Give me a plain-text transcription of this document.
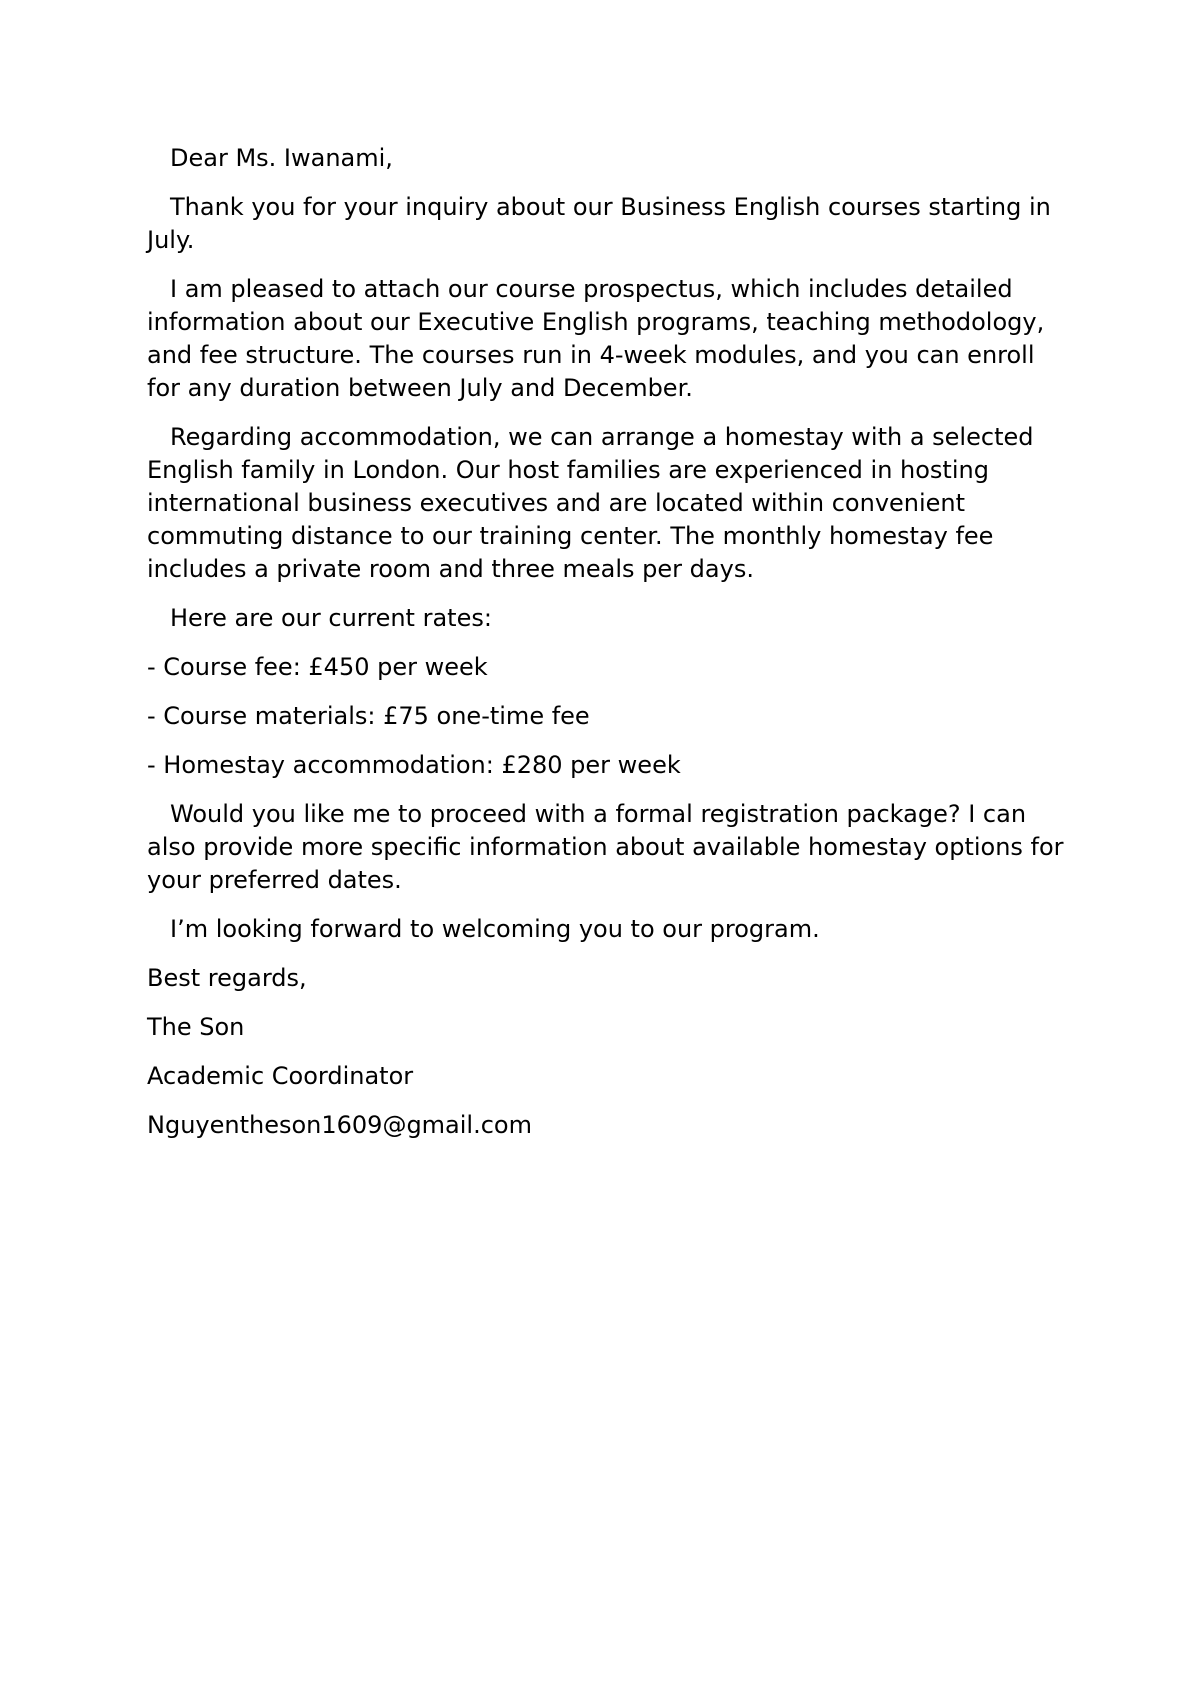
Dear Ms. Iwanami,

Thank you for your inquiry about our Business English courses starting in July.

I am pleased to attach our course prospectus, which includes detailed information about our Executive English programs, teaching methodology, and fee structure. The courses run in 4-week modules, and you can enroll for any duration between July and December.

Regarding accommodation, we can arrange a homestay with a selected English family in London. Our host families are experienced in hosting international business executives and are located within convenient commuting distance to our training center. The monthly homestay fee includes a private room and three meals per days.

Here are our current rates:

- Course fee: £450 per week

- Course materials: £75 one-time fee

- Homestay accommodation: £280 per week

Would you like me to proceed with a formal registration package? I can also provide more specific information about available homestay options for your preferred dates.

I’m looking forward to welcoming you to our program.

Best regards,

The Son

Academic Coordinator

Nguyentheson1609@gmail.com
